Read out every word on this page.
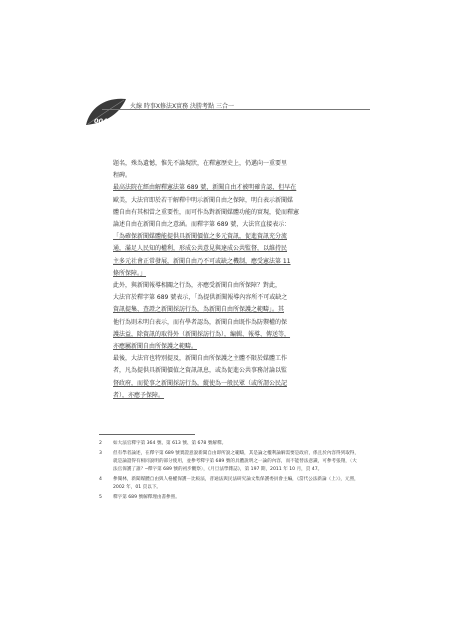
004
火線 時事X修法X實務 決勝考點 三合一

題名，殊為遺憾，惟先不論現狀，在釋憲歷史上，仍邁向一重要里
程碑。

最高法院在經由解釋憲法第 689 號，新聞自由才被明確肯認，但早在
歐美，大法官即於若干解釋中明示新聞自由之保障，明白表示新聞媒
體自由有其相當之重要性，而可作為對新聞媒體功能的實現，從而釋憲
論述自由在新聞自由之意涵。而釋字第 689 號，大法官直接表示：
「為確保新聞媒體能提供具新聞價值之多元資訊，促進資訊充分流
通，滿足人民知的權利，形成公共意見與達成公共監督，以維持民
主多元社會正常發展，新聞自由乃不可或缺之機制，應受憲法第 11
條所保障。」

此外，與新聞報導相關之行為，亦應受新聞自由所保障？對此，
大法官於釋字第 689 號表示，「為提供新聞報導內容所不可或缺之
資訊提集、查證之新聞採訪行為，為新聞自由所保護之範疇」。其
他行為則未明白表示，而有學者認為，新聞自由既作為防禦權的保
護法益，除資訊的取得外（新聞採訪行為），編輯、報導、傳送等，
亦應屬新聞自由所保護之範疇。

最後，大法官也特別提及，新聞自由所保護之主體不限於媒體工作
者，凡為提供具新聞價值之資訊訊息，或為促進公共事務討論以監
督政府，而從事之新聞採訪行為，縱使為一般民眾（或所謂公民記
者），亦應予保障。

2	如大法官釋字第 364 號、第 613 號、第 678 號解釋。
3	但有學者論述，在釋字第 689 號實證意說新聞自由即所說之範疇，其是論之權利論解需要是政府，係且於內容得到取得，就是論證得有相同說明的部分使用，並參考釋字第 689 號的具體說明之一論的內容，而不能替法意識，可參考張翔，〈大法官保護了誰？─釋字第 689 號的初步觀察〉，《月旦法學雜誌》，第 197 期，2011 年 10 月，頁 47。
4	參閱林，新聞媒體自由與人格權保護－比較法，普通法與民法研究論文集保護委員會主編，《當代公法新論（上）》，元照，2002 年，01 頁以下。
5	釋字第 689 號解釋理由書參照。
